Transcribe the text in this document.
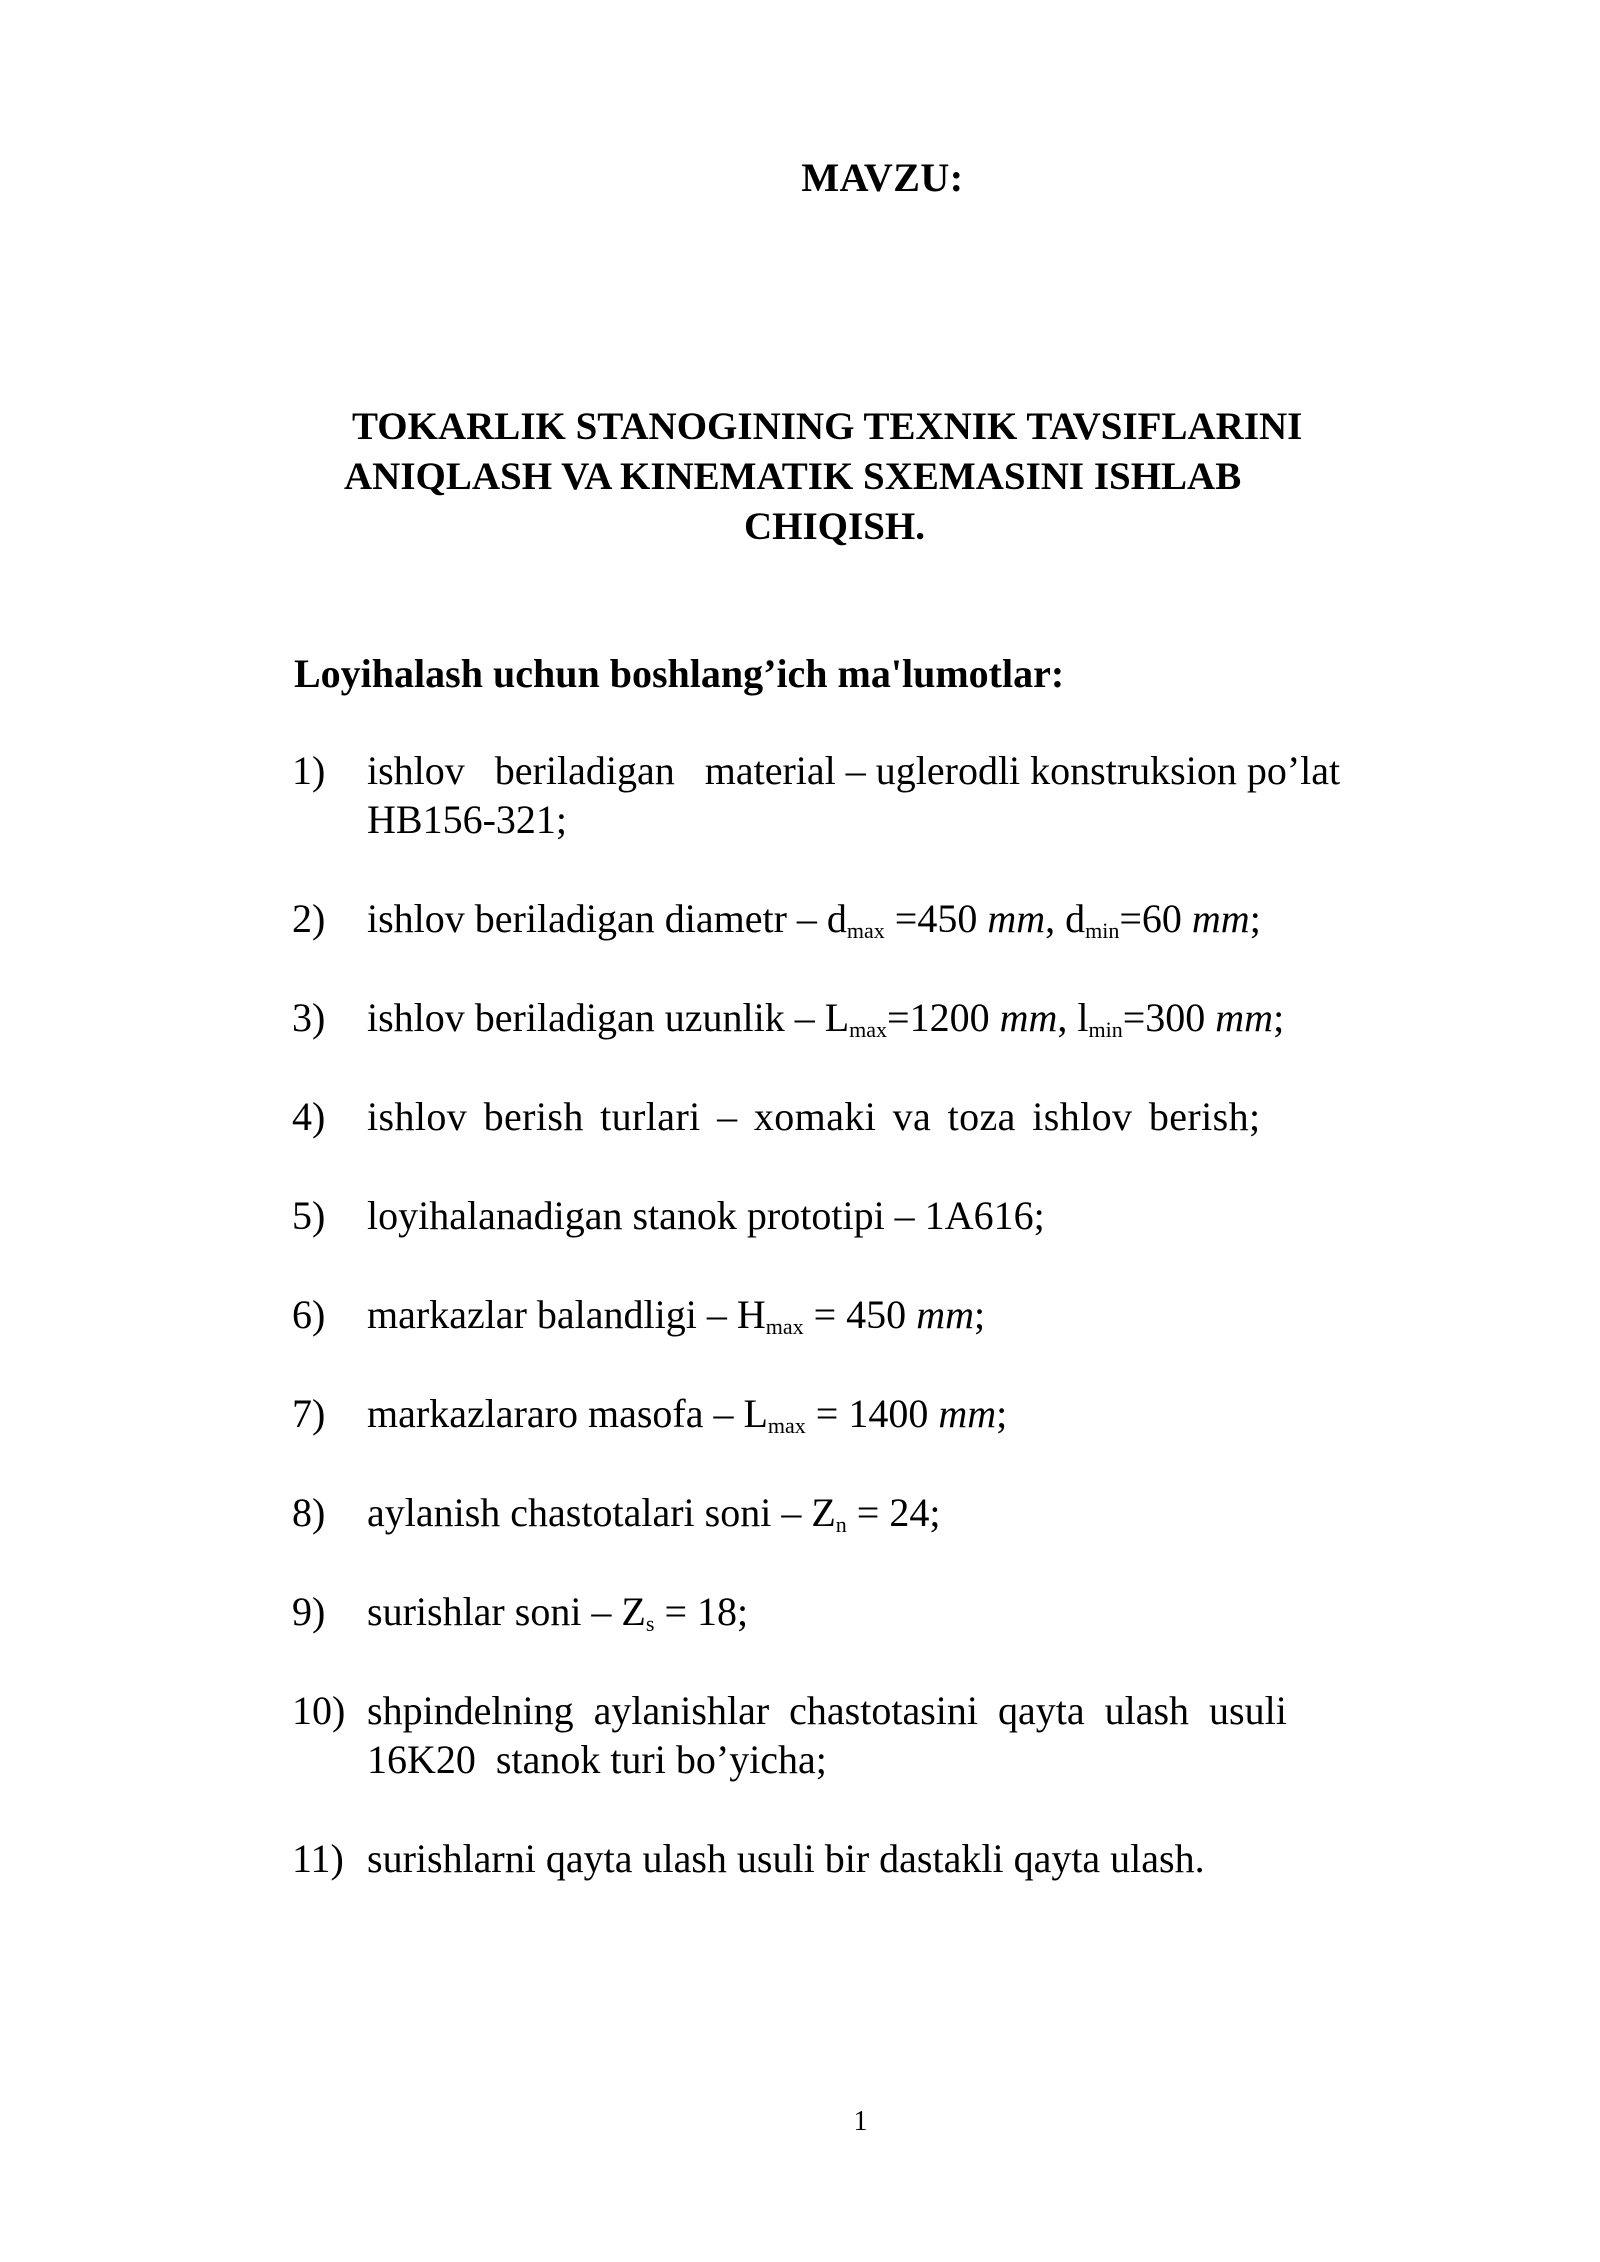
MAVZU:
TOKARLIK STANOGINING TEXNIK TAVSIFLARINI
ANIQLASH VA KINEMATIK SXEMASINI ISHLAB
CHIQISH.
Loyihalash uchun boshlang’ich ma'lumotlar:
1) ishlov   beriladigan   material – uglerodli konstruksion po’lat
HB156-321;
2) ishlov beriladigan diametr – $d_{max} =450$ mm, $d_{min}=60$ mm;
3) ishlov beriladigan uzunlik – $L_{max}=1200$ mm, $l_{min}=300$ mm;
4) ishlov berish turlari – xomaki va toza ishlov berish;
5) loyihalanadigan stanok prototipi – 1A616;
6) markazlar balandligi – $H_{max} = 450$ mm;
7) markazlararo masofa – $L_{max} = 1400$ mm;
8) aylanish chastotalari soni – $Z_n = 24$;
9) surishlar soni – $Z_s = 18$;
10) shpindelning  aylanishlar  chastotasini  qayta  ulash  usuli
16K20  stanok turi bo’yicha;
11) surishlarni qayta ulash usuli bir dastakli qayta ulash.
1
